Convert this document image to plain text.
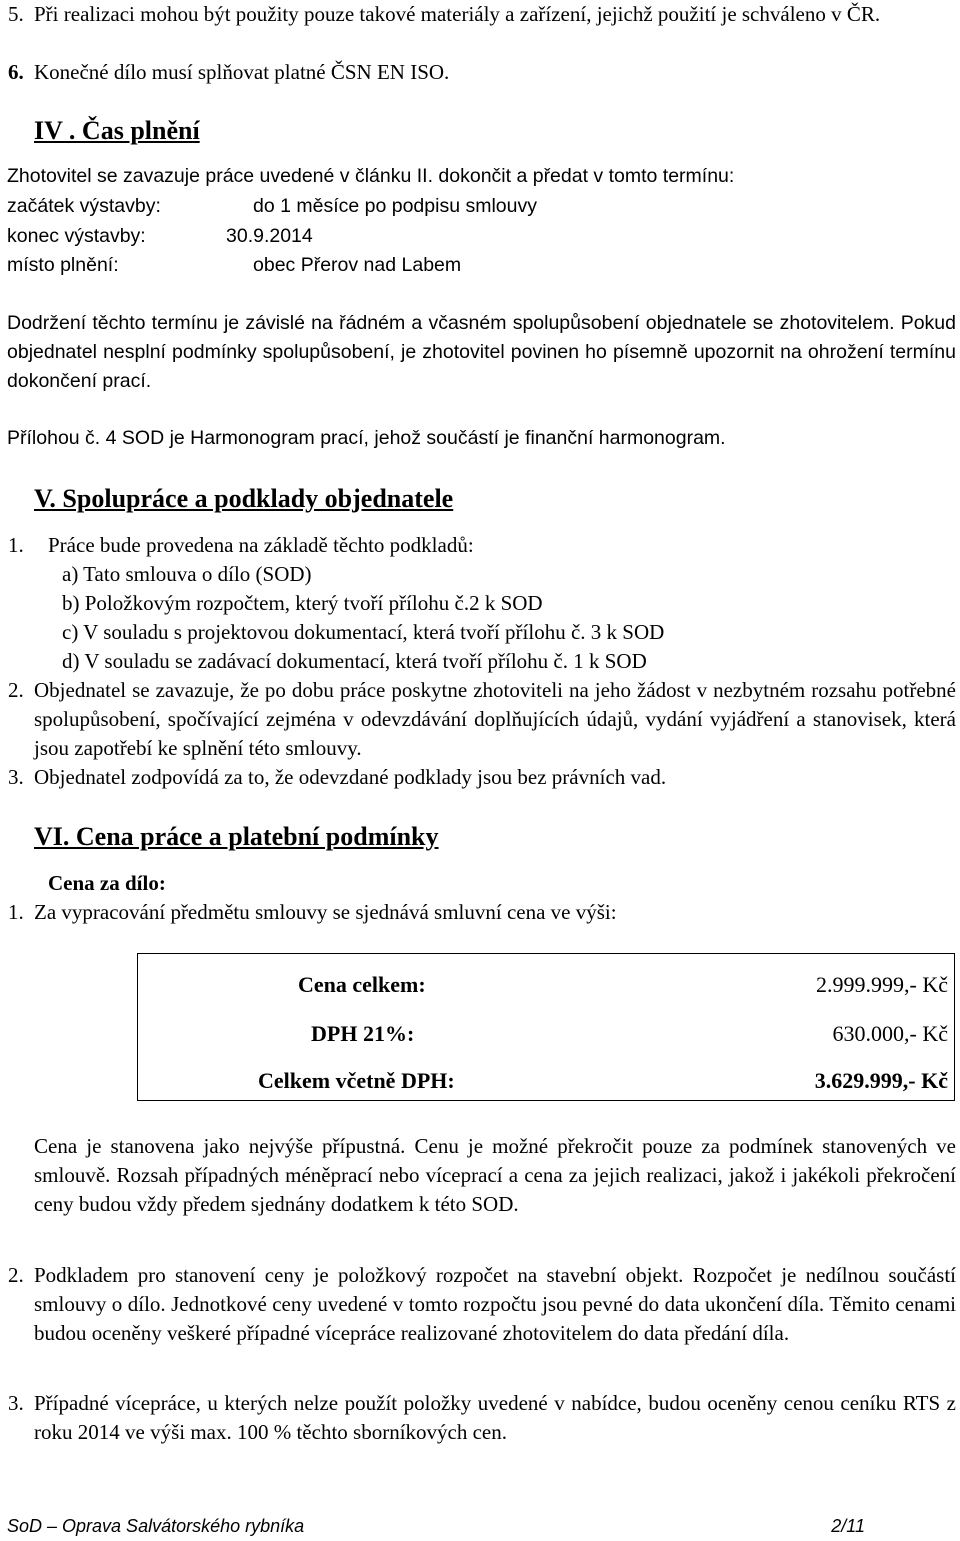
5. Při realizaci mohou být použity pouze takové materiály a zařízení, jejichž použití je schváleno v ČR.
6. Konečné dílo musí splňovat platné ČSN EN ISO.
IV . Čas plnění
Zhotovitel se zavazuje práce uvedené v článku II. dokončit a předat v tomto termínu:
začátek výstavby:	do 1 měsíce po podpisu smlouvy
konec výstavby:	30.9.2014
místo plnění:	obec Přerov nad Labem
Dodržení těchto termínu je závislé na řádném a včasném spolupůsobení objednatele se zhotovitelem. Pokud objednatel nesplní podmínky spolupůsobení, je zhotovitel povinen ho písemně upozornit na ohrožení termínu dokončení prací.
Přílohou č. 4 SOD je Harmonogram prací, jehož součástí je finanční harmonogram.
V. Spolupráce a podklady objednatele
1. Práce bude provedena na základě těchto podkladů:
a) Tato smlouva o dílo (SOD)
b) Položkovým rozpočtem, který tvoří přílohu č.2 k SOD
c) V souladu s projektovou dokumentací, která tvoří přílohu č. 3 k SOD
d) V souladu se zadávací dokumentací, která tvoří přílohu č. 1 k SOD
2. Objednatel se zavazuje, že po dobu práce poskytne zhotoviteli na jeho žádost v nezbytném rozsahu potřebné spolupůsobení, spočívající zejména v odevzdávání doplňujících údajů, vydání vyjádření a stanovisek, která jsou zapotřebí ke splnění této smlouvy.
3. Objednatel zodpovídá za to, že odevzdané podklady jsou bez právních vad.
VI. Cena práce a platební podmínky
Cena za dílo:
1. Za vypracování předmětu smlouvy se sjednává smluvní cena ve výši:
Cena celkem:	2.999.999,- Kč
DPH 21%:	630.000,- Kč
Celkem včetně DPH:	3.629.999,- Kč
Cena je stanovena jako nejvýše přípustná. Cenu je možné překročit pouze za podmínek stanovených ve smlouvě. Rozsah případných méněprací nebo víceprací a cena za jejich realizaci, jakož i jakékoli překročení ceny budou vždy předem sjednány dodatkem k této SOD.
2. Podkladem pro stanovení ceny je položkový rozpočet na stavební objekt. Rozpočet je nedílnou součástí smlouvy o dílo. Jednotkové ceny uvedené v tomto rozpočtu jsou pevné do data ukončení díla. Těmito cenami budou oceněny veškeré případné vícepráce realizované zhotovitelem do data předání díla.
3. Případné vícepráce, u kterých nelze použít položky uvedené v nabídce, budou oceněny cenou ceníku RTS z roku 2014 ve výši max. 100 % těchto sborníkových cen.
SoD – Oprava Salvátorského rybníka	2/11
